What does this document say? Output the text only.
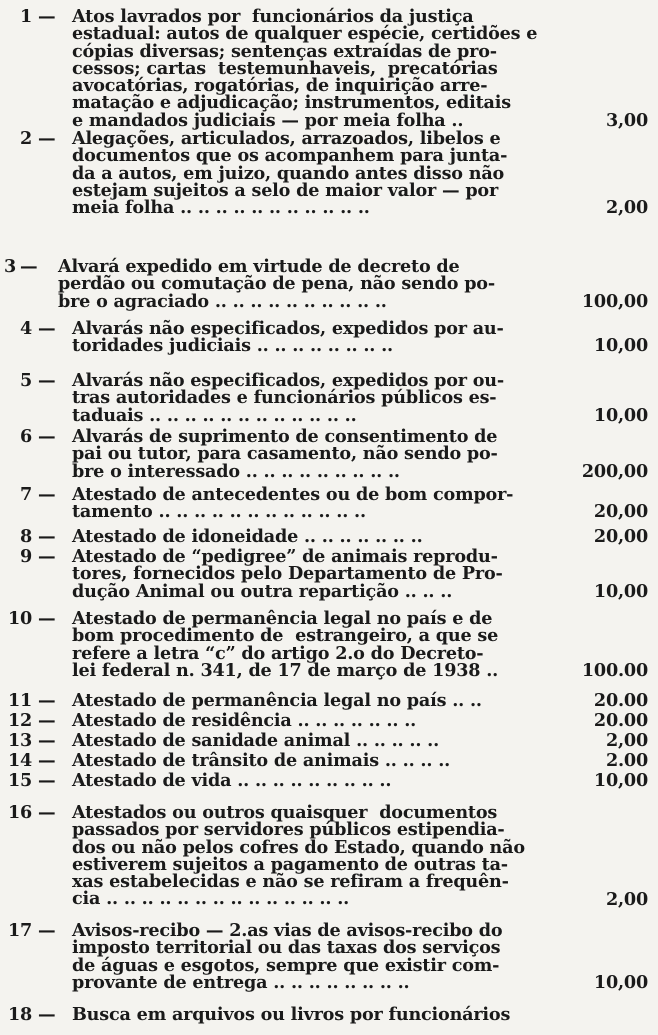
1 — Atos lavrados por  funcionários da justiça
estadual: autos de qualquer espécie, certidões e
cópias diversas; sentenças extraídas de pro-
cessos; cartas  testemunhaveis,  precatórias
avocatórias, rogatórias, de inquirição arre-
matação e adjudicação; instrumentos, editais
e mandados judiciais — por meia folha ..	3,00
2 — Alegações, articulados, arrazoados, libelos e
documentos que os acompanhem para junta-
da a autos, em juizo, quando antes disso não
estejam sujeitos a selo de maior valor — por
meia folha .. .. .. .. .. .. .. .. .. .. ..	2,00
3 — Alvará expedido em virtude de decreto de
perdão ou comutação de pena, não sendo po-
bre o agraciado .. .. .. .. .. .. .. .. .. ..	100,00
4 — Alvarás não especificados, expedidos por au-
toridades judiciais .. .. .. .. .. .. .. ..	10,00
5 — Alvarás não especificados, expedidos por ou-
tras autoridades e funcionários públicos es-
taduais .. .. .. .. .. .. .. .. .. .. .. ..	10,00
6 — Alvarás de suprimento de consentimento de
pai ou tutor, para casamento, não sendo po-
bre o interessado .. .. .. .. .. .. .. .. ..	200,00
7 — Atestado de antecedentes ou de bom compor-
tamento .. .. .. .. .. .. .. .. .. .. .. ..	20,00
8 — Atestado de idoneidade .. .. .. .. .. .. ..	20,00
9 — Atestado de “pedigree” de animais reprodu-
tores, fornecidos pelo Departamento de Pro-
dução Animal ou outra repartição .. .. ..	10,00
10 — Atestado de permanência legal no país e de
bom procedimento de  estrangeiro, a que se
refere a letra “c” do artigo 2.o do Decreto-
lei federal n. 341, de 17 de março de 1938 ..	100.00
11 — Atestado de permanência legal no país .. ..	20.00
12 — Atestado de residência .. .. .. .. .. .. ..	20.00
13 — Atestado de sanidade animal .. .. .. .. ..	2,00
14 — Atestado de trânsito de animais .. .. .. ..	2.00
15 — Atestado de vida .. .. .. .. .. .. .. .. ..	10,00
16 — Atestados ou outros quaisquer  documentos
passados por servidores públicos estipendia-
dos ou não pelos cofres do Estado, quando não
estiverem sujeitos a pagamento de outras ta-
xas estabelecidas e não se refiram a frequên-
cia .. .. .. .. .. .. .. .. .. .. .. .. .. ..	2,00
17 — Avisos-recibo — 2.as vias de avisos-recibo do
imposto territorial ou das taxas dos serviços
de águas e esgotos, sempre que existir com-
provante de entrega .. .. .. .. .. .. .. ..	10,00
18 — Busca em arquivos ou livros por funcionários
